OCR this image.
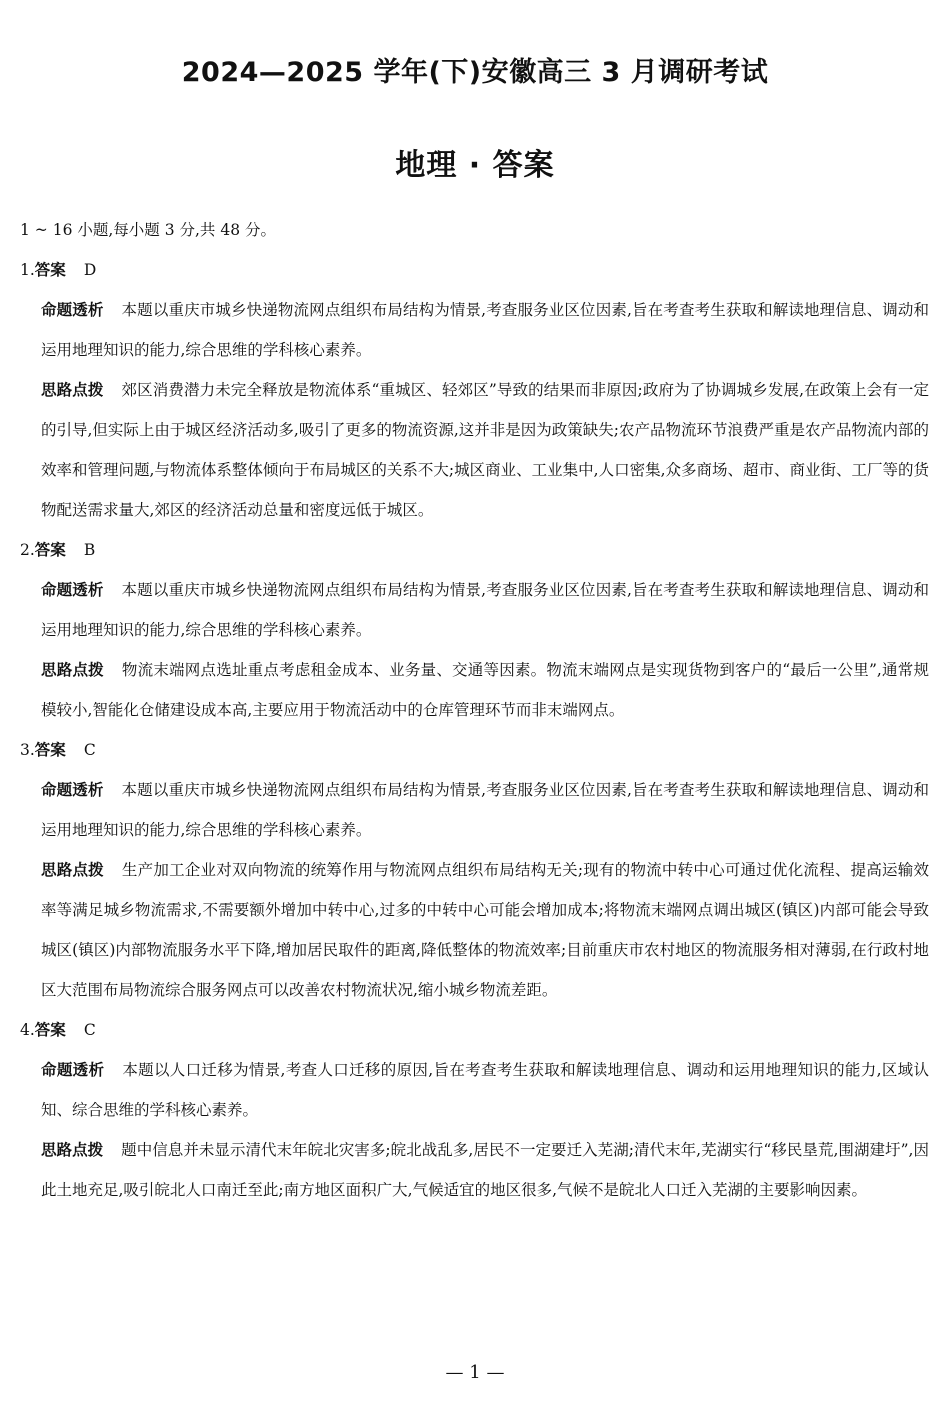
2024—2025 学年(下)安徽高三 3 月调研考试
地理 · 答案
1 ~ 16 小题,每小题 3 分,共 48 分。
1.答案 D
命题透析 本题以重庆市城乡快递物流网点组织布局结构为情景,考查服务业区位因素,旨在考查考生获取和解读地理信息、调动和运用地理知识的能力,综合思维的学科核心素养。
思路点拨 郊区消费潜力未完全释放是物流体系“重城区、轻郊区”导致的结果而非原因;政府为了协调城乡发展,在政策上会有一定的引导,但实际上由于城区经济活动多,吸引了更多的物流资源,这并非是因为政策缺失;农产品物流环节浪费严重是农产品物流内部的效率和管理问题,与物流体系整体倾向于布局城区的关系不大;城区商业、工业集中,人口密集,众多商场、超市、商业街、工厂等的货物配送需求量大,郊区的经济活动总量和密度远低于城区。
2.答案 B
命题透析 本题以重庆市城乡快递物流网点组织布局结构为情景,考查服务业区位因素,旨在考查考生获取和解读地理信息、调动和运用地理知识的能力,综合思维的学科核心素养。
思路点拨 物流末端网点选址重点考虑租金成本、业务量、交通等因素。物流末端网点是实现货物到客户的“最后一公里”,通常规模较小,智能化仓储建设成本高,主要应用于物流活动中的仓库管理环节而非末端网点。
3.答案 C
命题透析 本题以重庆市城乡快递物流网点组织布局结构为情景,考查服务业区位因素,旨在考查考生获取和解读地理信息、调动和运用地理知识的能力,综合思维的学科核心素养。
思路点拨 生产加工企业对双向物流的统筹作用与物流网点组织布局结构无关;现有的物流中转中心可通过优化流程、提高运输效率等满足城乡物流需求,不需要额外增加中转中心,过多的中转中心可能会增加成本;将物流末端网点调出城区(镇区)内部可能会导致城区(镇区)内部物流服务水平下降,增加居民取件的距离,降低整体的物流效率;目前重庆市农村地区的物流服务相对薄弱,在行政村地区大范围布局物流综合服务网点可以改善农村物流状况,缩小城乡物流差距。
4.答案 C
命题透析 本题以人口迁移为情景,考查人口迁移的原因,旨在考查考生获取和解读地理信息、调动和运用地理知识的能力,区域认知、综合思维的学科核心素养。
思路点拨 题中信息并未显示清代末年皖北灾害多;皖北战乱多,居民不一定要迁入芜湖;清代末年,芜湖实行“移民垦荒,围湖建圩”,因此土地充足,吸引皖北人口南迁至此;南方地区面积广大,气候适宜的地区很多,气候不是皖北人口迁入芜湖的主要影响因素。
— 1 —
